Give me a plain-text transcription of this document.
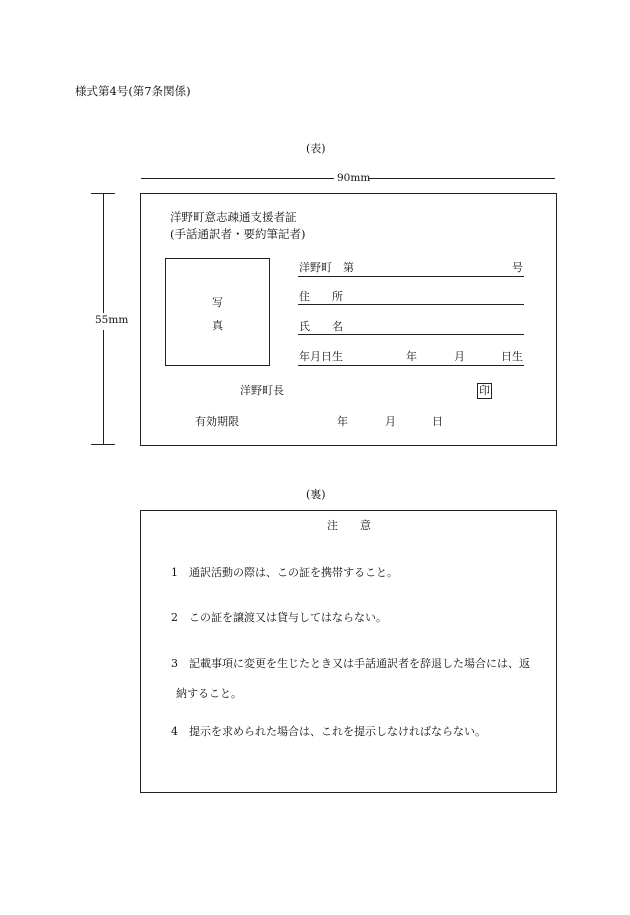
様式第4号(第7条関係)
(表)
90mm
55mm
洋野町意志疎通支援者証
(手話通訳者・要約筆記者)
写
真
洋野町　第	号
住　　所
氏　　名
年月日生	年	月	日生
洋野町長	印
有効期限	年	月	日
(裏)
注　　意
1　通訳活動の際は、この証を携帯すること。
2　この証を譲渡又は貸与してはならない。
3　記載事項に変更を生じたとき又は手話通訳者を辞退した場合には、返
納すること。
4　提示を求められた場合は、これを提示しなければならない。
